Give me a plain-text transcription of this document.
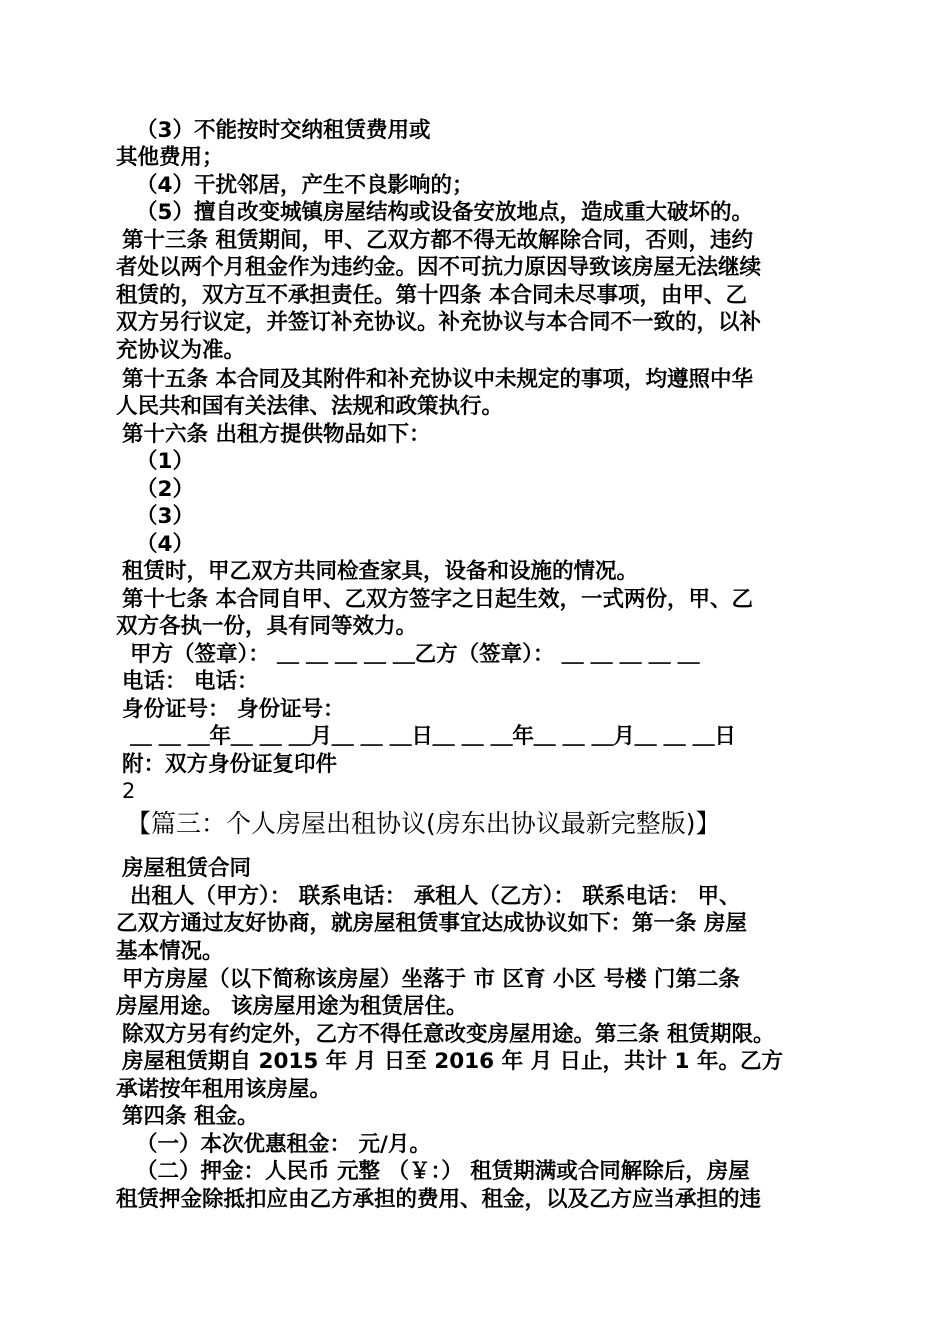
（3）不能按时交纳租赁费用或
其他费用；
（4）干扰邻居，产生不良影响的；
（5）擅自改变城镇房屋结构或设备安放地点，造成重大破坏的。
第十三条 租赁期间，甲、乙双方都不得无故解除合同，否则，违约
者处以两个月租金作为违约金。因不可抗力原因导致该房屋无法继续
租赁的，双方互不承担责任。第十四条 本合同未尽事项，由甲、乙
双方另行议定，并签订补充协议。补充协议与本合同不一致的，以补
充协议为准。
第十五条 本合同及其附件和补充协议中未规定的事项，均遵照中华
人民共和国有关法律、法规和政策执行。
第十六条 出租方提供物品如下：
（1）
（2）
（3）
（4）
租赁时，甲乙双方共同检查家具，设备和设施的情况。
第十七条 本合同自甲、乙双方签字之日起生效，一式两份，甲、乙
双方各执一份，具有同等效力。
甲方（签章）： ＿ ＿ ＿ ＿ ＿乙方（签章）： ＿ ＿ ＿ ＿ ＿
电话： 电话：
身份证号： 身份证号：
＿ ＿ ＿年＿ ＿ ＿月＿ ＿ ＿日＿ ＿ ＿年＿ ＿ ＿月＿ ＿ ＿日
附：双方身份证复印件
2
【篇三：个人房屋出租协议(房东出协议最新完整版)】
房屋租赁合同
出租人（甲方）： 联系电话： 承租人（乙方）： 联系电话： 甲、
乙双方通过友好协商，就房屋租赁事宜达成协议如下：第一条 房屋
基本情况。
甲方房屋（以下简称该房屋）坐落于 市 区育 小区 号楼 门第二条
房屋用途。 该房屋用途为租赁居住。
除双方另有约定外，乙方不得任意改变房屋用途。第三条 租赁期限。
房屋租赁期自 2015 年 月 日至 2016 年 月 日止，共计 1 年。乙方
承诺按年租用该房屋。
第四条 租金。
（一）本次优惠租金： 元/月。
（二）押金：人民币 元整 （￥：） 租赁期满或合同解除后，房屋
租赁押金除抵扣应由乙方承担的费用、租金，以及乙方应当承担的违
